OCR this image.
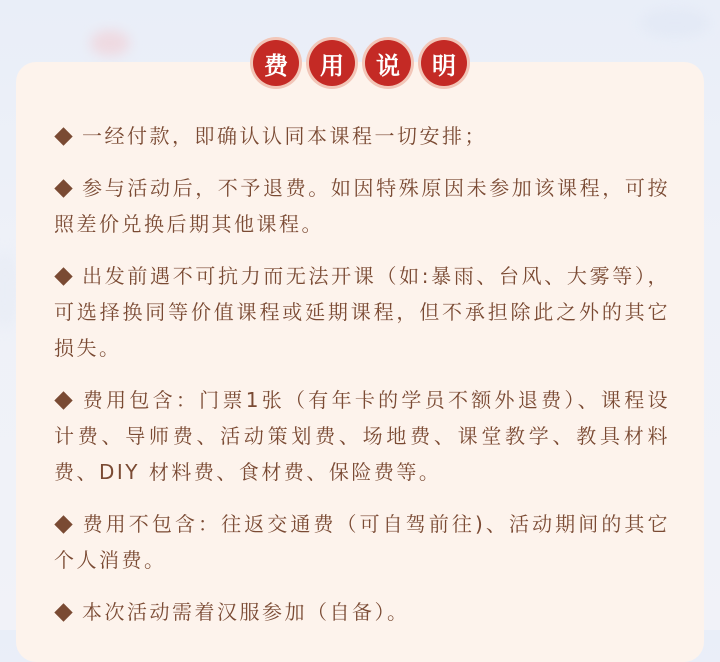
费	用	说	明

一经付款，即确认认同本课程一切安排；

参与活动后，不予退费。如因特殊原因未参加该课程，可按照差价兑换后期其他课程。

出发前遇不可抗力而无法开课（如:暴雨、台风、大雾等），可选择换同等价值课程或延期课程，但不承担除此之外的其它损失。

费用包含：门票1张（有年卡的学员不额外退费）、课程设计费、导师费、活动策划费、场地费、课堂教学、教具材料费、DIY 材料费、食材费、保险费等。

费用不包含：往返交通费（可自驾前往)、活动期间的其它个人消费。

本次活动需着汉服参加（自备）。
